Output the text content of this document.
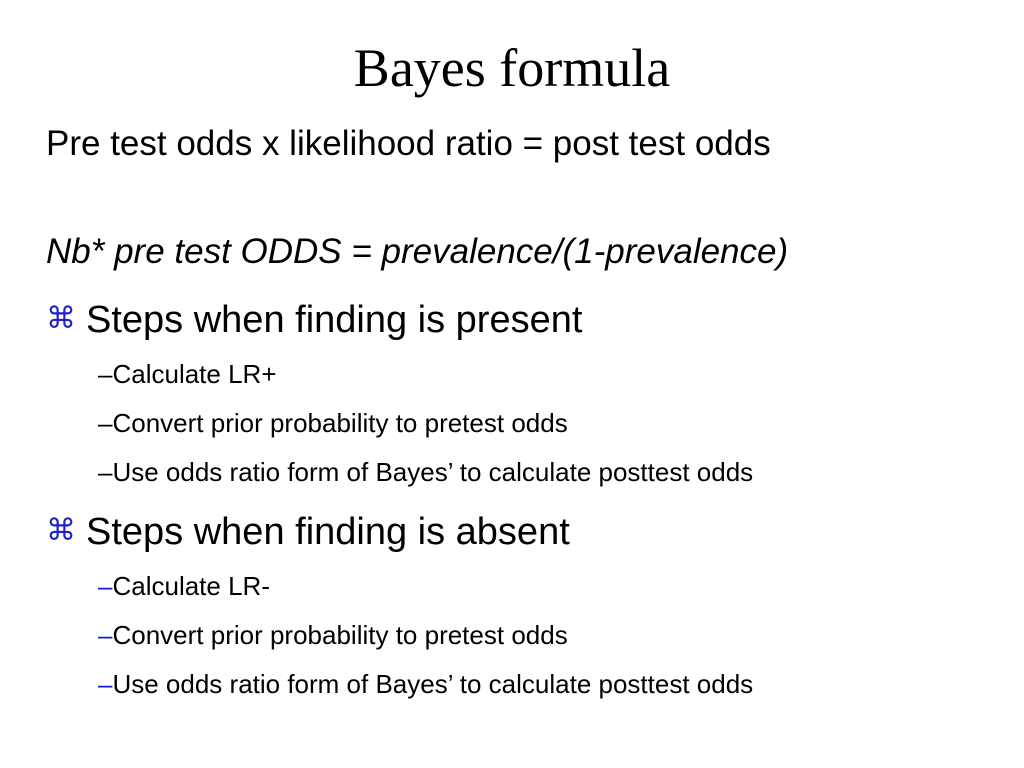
Bayes formula
Pre test odds x likelihood ratio = post test odds
Nb* pre test ODDS = prevalence/(1-prevalence)
⌘ Steps when finding is present
–Calculate LR+
–Convert prior probability to pretest odds
–Use odds ratio form of Bayes’ to calculate posttest odds
⌘ Steps when finding is absent
–Calculate LR-
–Convert prior probability to pretest odds
–Use odds ratio form of Bayes’ to calculate posttest odds
